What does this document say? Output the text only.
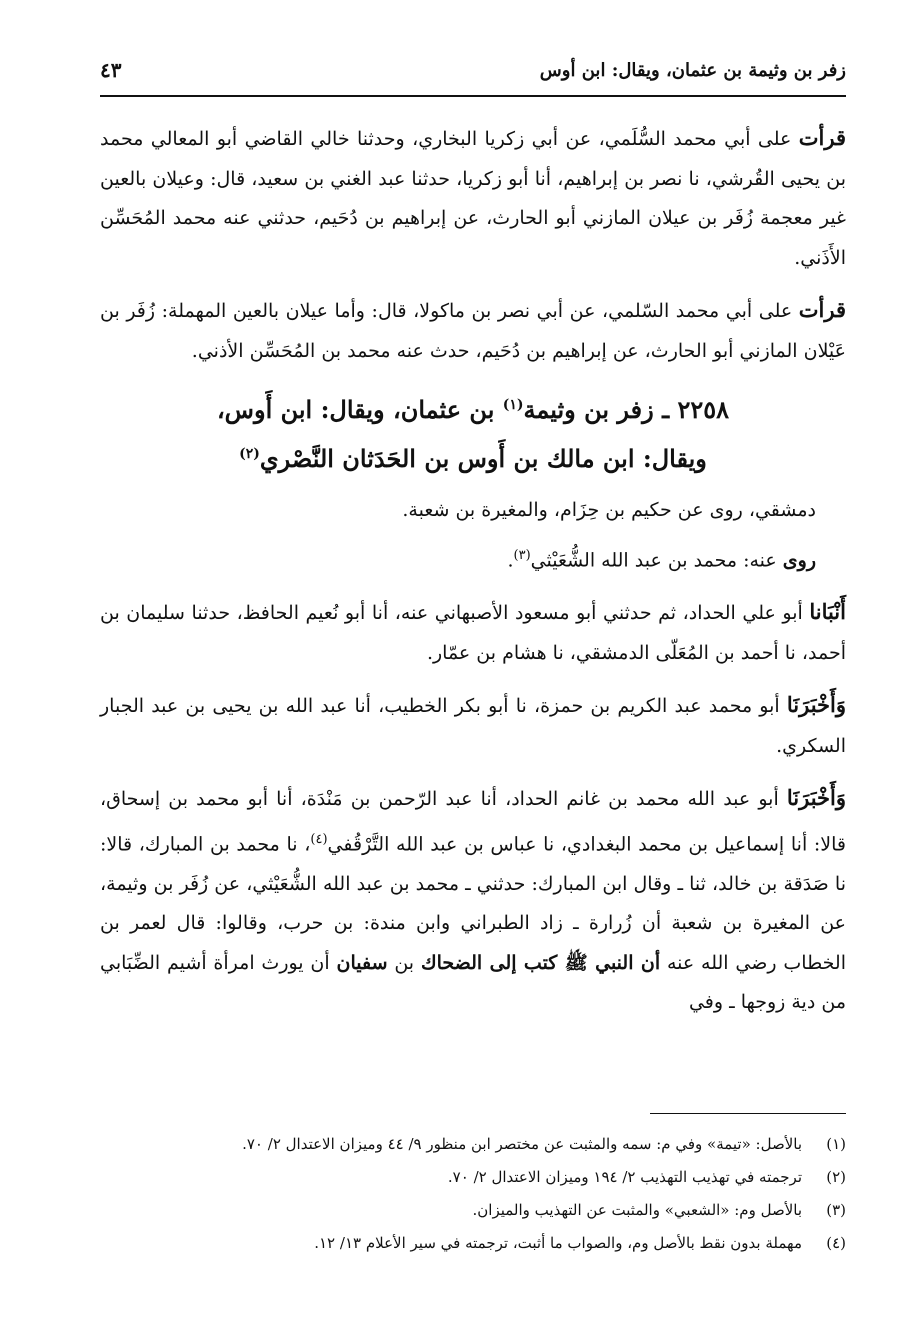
زفر بن وثيمة بن عثمان، ويقال: ابن أوس
٤٣

قرأت على أبي محمد السُّلَمي، عن أبي زكريا البخاري، وحدثنا خالي القاضي أبو المعالي محمد بن يحيى القُرشي، نا نصر بن إبراهيم، أنا أبو زكريا، حدثنا عبد الغني بن سعيد، قال: وعيلان بالعين غير معجمة زُفَر بن عيلان المازني أبو الحارث، عن إبراهيم بن دُحَيم، حدثني عنه محمد المُحَسِّن الأَذَني.

قرأت على أبي محمد السّلمي، عن أبي نصر بن ماكولا، قال: وأما عيلان بالعين المهملة: زُفَر بن عَيْلان المازني أبو الحارث، عن إبراهيم بن دُحَيم، حدث عنه محمد بن المُحَسِّن الأذني.

٢٢٥٨ ـ زفر بن وثيمة$^{(١)}$ بن عثمان، ويقال: ابن أَوس،
ويقال: ابن مالك بن أَوس بن الحَدَثان النَّصْري$^{(٢)}$
دمشقي، روى عن حكيم بن حِزَام، والمغيرة بن شعبة.
روى عنه: محمد بن عبد الله الشُّعَيْثي$^{(٣)}$.

أَنْبَانا أبو علي الحداد، ثم حدثني أبو مسعود الأصبهاني عنه، أنا أبو نُعيم الحافظ، حدثنا سليمان بن أحمد، نا أحمد بن المُعَلّى الدمشقي، نا هشام بن عمّار.

وَأَخْبَرَنَا أبو محمد عبد الكريم بن حمزة، نا أبو بكر الخطيب، أنا عبد الله بن يحيى بن عبد الجبار السكري.

وَأَخْبَرَنَا أبو عبد الله محمد بن غانم الحداد، أنا عبد الرّحمن بن مَنْدَة، أنا أبو محمد بن إسحاق، قالا: أنا إسماعيل بن محمد البغدادي، نا عباس بن عبد الله التَّرْقُفي$^{(٤)}$، نا محمد بن المبارك، قالا: نا صَدَقة بن خالد، ثنا ـ وقال ابن المبارك: حدثني ـ محمد بن عبد الله الشُّعَيْثي، عن زُفَر بن وثيمة، عن المغيرة بن شعبة أن زُرارة ـ زاد الطبراني وابن مندة: بن حرب، وقالوا: قال لعمر بن الخطاب رضي الله عنه أن النبي ﷺ كتب إلى الضحاك بن سفيان أن يورث امرأة أشيم الضِّبَابي من دية زوجها ـ وفي

(١)بالأصل: «تيمة» وفي م: سمه والمثبت عن مختصر ابن منظور ٩/ ٤٤ وميزان الاعتدال ٢/ ٧٠.
(٢)ترجمته في تهذيب التهذيب ٢/ ١٩٤ وميزان الاعتدال ٢/ ٧٠.
(٣)بالأصل وم: «الشعبي» والمثبت عن التهذيب والميزان.
(٤)مهملة بدون نقط بالأصل وم، والصواب ما أثبت، ترجمته في سير الأعلام ١٣/ ١٢.
